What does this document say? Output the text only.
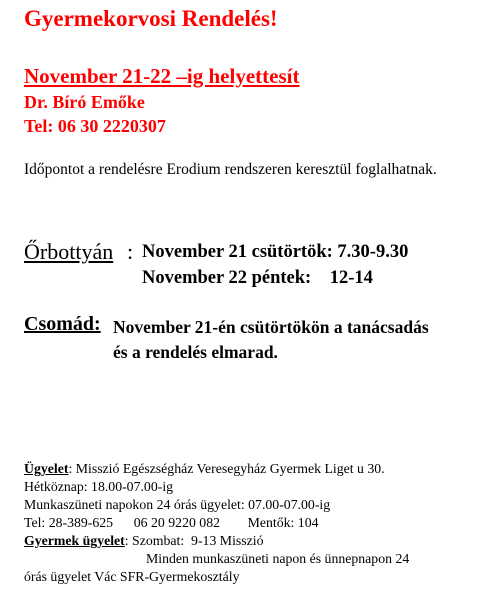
Gyermekorvosi Rendelés!
November 21-22 –ig helyettesít
Dr. Bíró Emőke
Tel: 06 30 2220307

Időpontot a rendelésre Erodium rendszeren keresztül foglalhatnak.

Őrbottyán : November 21 csütörtök: 7.30-9.30
November 22 péntek:    12-14
Csomád: November 21-én csütörtökön a tanácsadás
és a rendelés elmarad.
Ügyelet: Misszió Egészségház Veresegyház Gyermek Liget u 30.
Hétköznap: 18.00-07.00-ig
Munkaszüneti napokon 24 órás ügyelet: 07.00-07.00-ig
Tel: 28-389-625      06 20 9220 082        Mentők: 104
Gyermek ügyelet: Szombat:  9-13 Misszió
Minden munkaszüneti napon és ünnepnapon 24
órás ügyelet Vác SFR-Gyermekosztály
